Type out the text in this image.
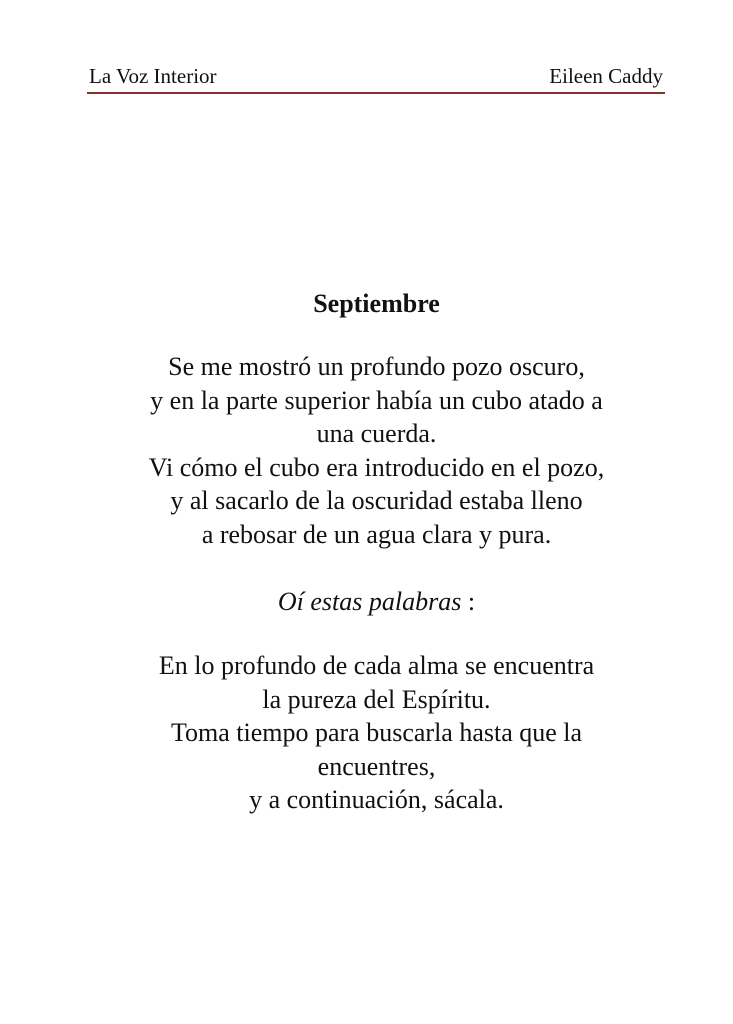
La Voz Interior	Eileen Caddy
Septiembre
Se me mostró un profundo pozo oscuro,
y en la parte superior había un cubo atado a
una cuerda.
Vi cómo el cubo era introducido en el pozo,
y al sacarlo de la oscuridad estaba lleno
a rebosar de un agua clara y pura.
Oí estas palabras :
En lo profundo de cada alma se encuentra
la pureza del Espíritu.
Toma tiempo para buscarla hasta que la
encuentres,
y a continuación, sácala.
